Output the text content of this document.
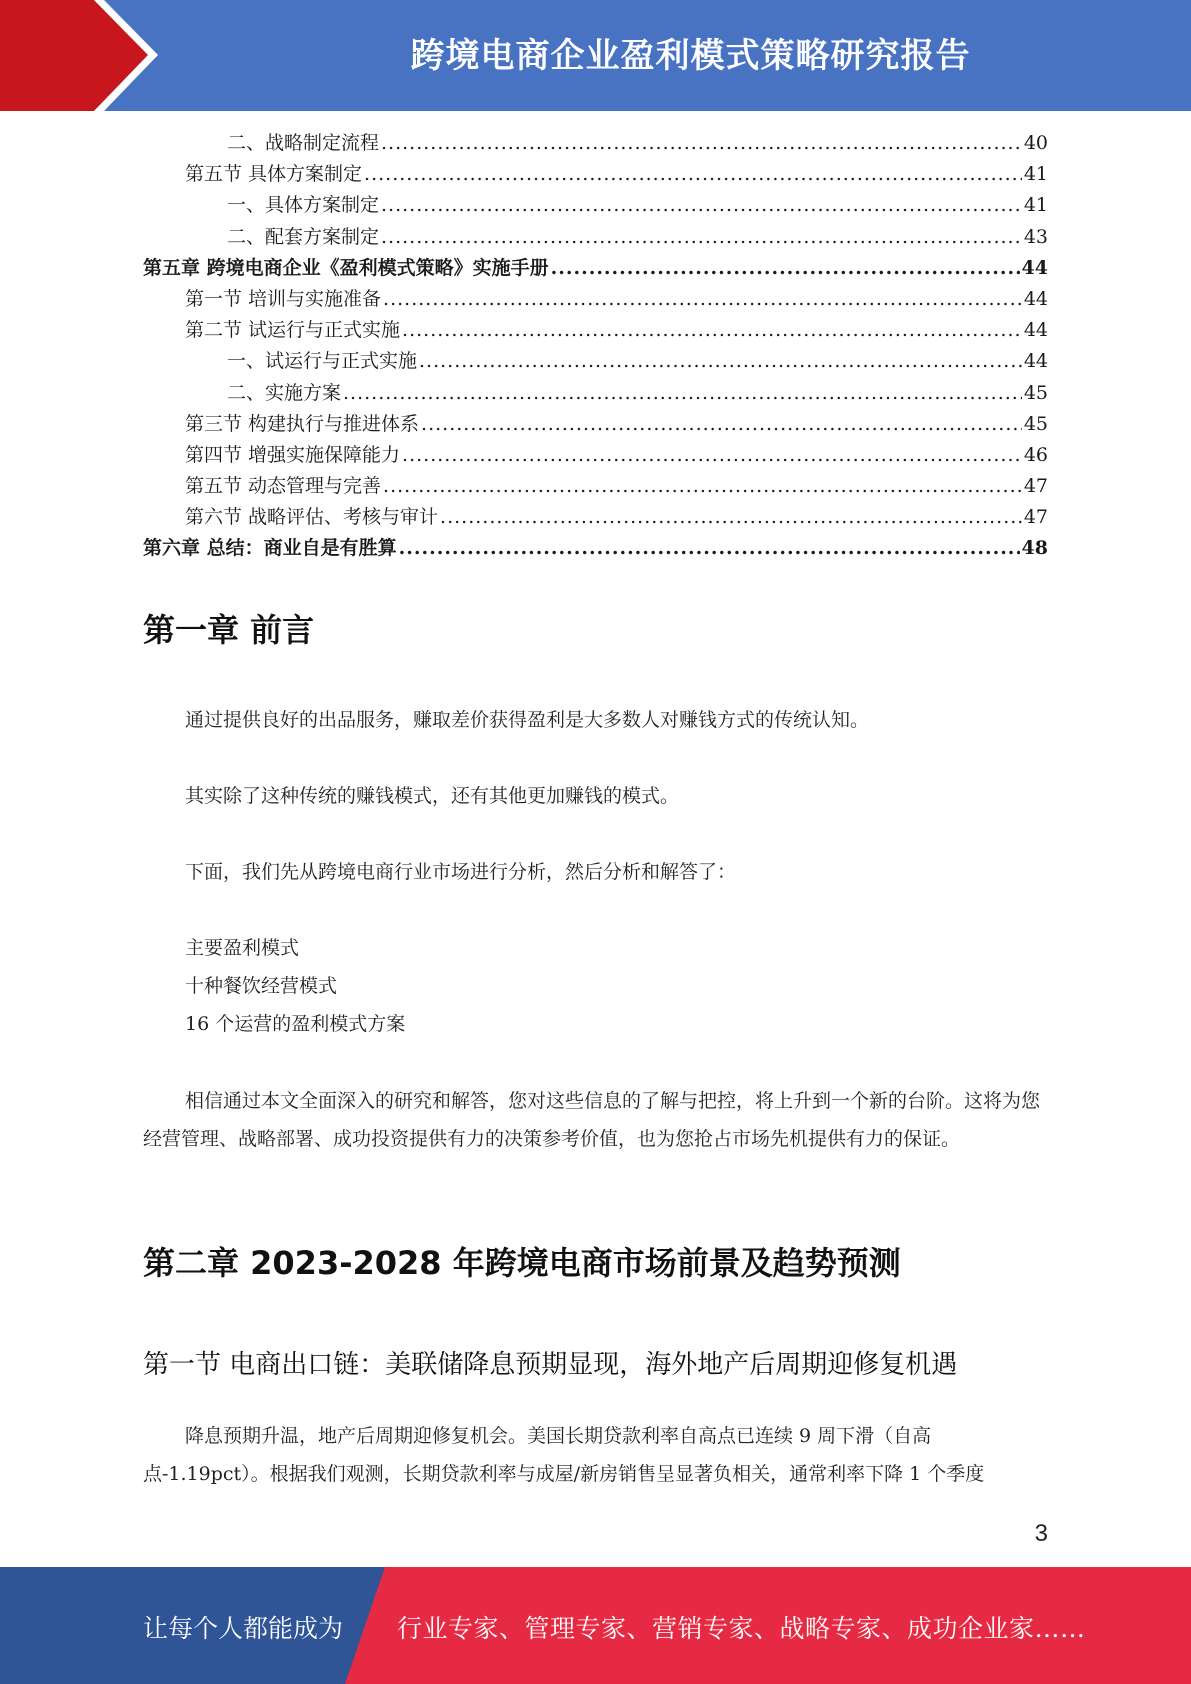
跨境电商企业盈利模式策略研究报告
二、战略制定流程 .....	40
第五节 具体方案制定 .....	41
一、具体方案制定 .....	41
二、配套方案制定 .....	43
第五章 跨境电商企业《盈利模式策略》实施手册 .....	44
第一节 培训与实施准备 .....	44
第二节 试运行与正式实施 .....	44
一、试运行与正式实施 .....	44
二、实施方案 .....	45
第三节 构建执行与推进体系 .....	45
第四节 增强实施保障能力 .....	46
第五节 动态管理与完善 .....	47
第六节 战略评估、考核与审计 .....	47
第六章 总结：商业自是有胜算 .....	48
第一章 前言
通过提供良好的出品服务，赚取差价获得盈利是大多数人对赚钱方式的传统认知。
其实除了这种传统的赚钱模式，还有其他更加赚钱的模式。
下面，我们先从跨境电商行业市场进行分析，然后分析和解答了：
主要盈利模式
十种餐饮经营模式
16 个运营的盈利模式方案
相信通过本文全面深入的研究和解答，您对这些信息的了解与把控，将上升到一个新的台阶。这将为您经营管理、战略部署、成功投资提供有力的决策参考价值，也为您抢占市场先机提供有力的保证。
第二章 2023-2028 年跨境电商市场前景及趋势预测
第一节 电商出口链：美联储降息预期显现，海外地产后周期迎修复机遇
降息预期升温，地产后周期迎修复机会。美国长期贷款利率自高点已连续 9 周下滑（自高点-1.19pct）。根据我们观测，长期贷款利率与成屋/新房销售呈显著负相关，通常利率下降 1 个季度
3
让每个人都能成为 行业专家、管理专家、营销专家、战略专家、成功企业家……
